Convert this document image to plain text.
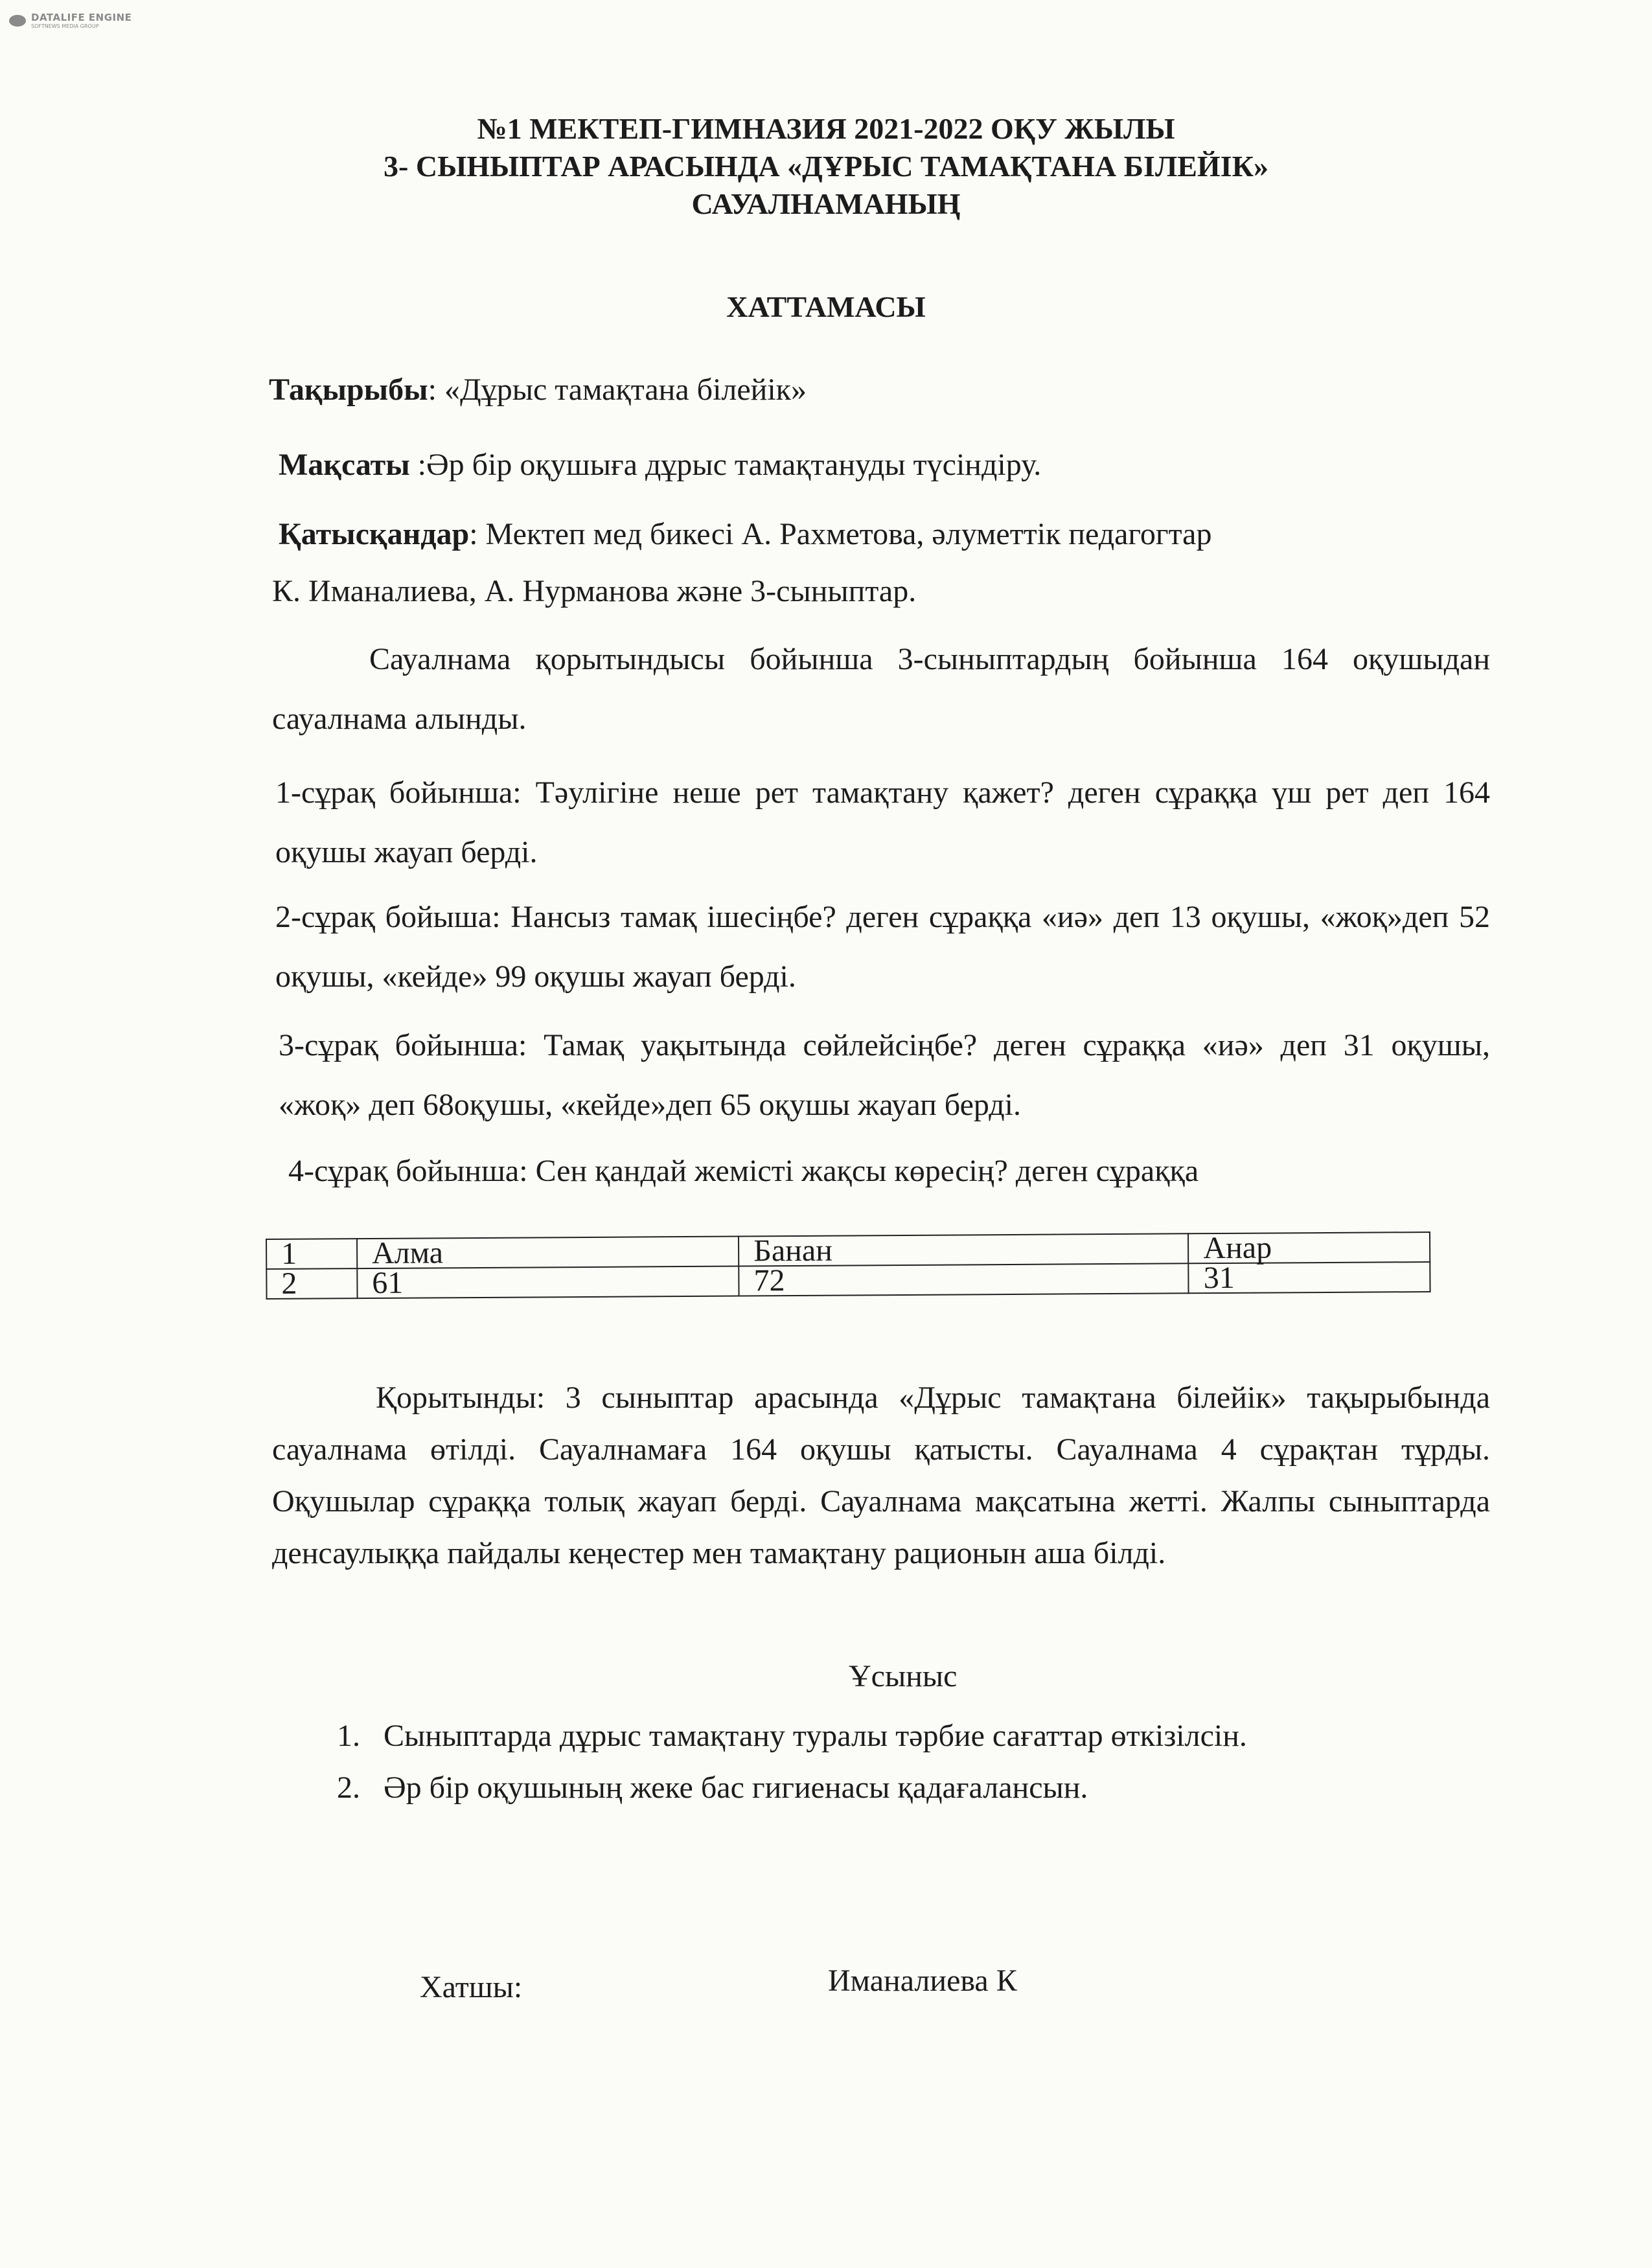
DATALIFE ENGINE
SOFTNEWS MEDIA GROUP
№1 МЕКТЕП-ГИМНАЗИЯ 2021-2022 ОҚУ ЖЫЛЫ
3- СЫНЫПТАР АРАСЫНДА «ДҰРЫС ТАМАҚТАНА БІЛЕЙІК»
САУАЛНАМАНЫҢ
ХАТТАМАСЫ
Тақырыбы: «Дұрыс тамақтана білейік»
Мақсаты :Әр бір оқушыға дұрыс тамақтануды түсіндіру.
Қатысқандар: Мектеп мед бикесі А. Рахметова, әлуметтік педагогтар
К. Иманалиева, А. Нурманова және 3-сыныптар.
Сауалнама қорытындысы бойынша 3-сыныптардың бойынша 164 оқушыдан сауалнама алынды.
1-сұрақ бойынша: Тәулігіне неше рет тамақтану қажет? деген сұраққа үш рет деп 164 оқушы жауап берді.
2-сұрақ бойыша: Нансыз тамақ ішесіңбе? деген сұраққа «иә» деп 13 оқушы, «жоқ»деп 52 оқушы, «кейде» 99 оқушы жауап берді.
3-сұрақ бойынша: Тамақ уақытында сөйлейсіңбе? деген сұраққа «иә» деп 31 оқушы, «жоқ» деп 68оқушы, «кейде»деп 65 оқушы жауап берді.
4-сұрақ бойынша: Сен қандай жемісті жақсы көресің? деген сұраққа
1	Алма	Банан	Анар
2	61	72	31
Қорытынды: 3 сыныптар арасында «Дұрыс тамақтана білейік» тақырыбында сауалнама өтілді. Сауалнамаға 164 оқушы қатысты. Сауалнама 4 сұрақтан тұрды. Оқушылар сұраққа толық жауап берді. Сауалнама мақсатына жетті. Жалпы сыныптарда денсаулыққа пайдалы кеңестер мен тамақтану рационын аша білді.
Ұсыныс
1. Сыныптарда дұрыс тамақтану туралы тәрбие сағаттар өткізілсін.
2. Әр бір оқушының жеке бас гигиенасы қадағалансын.
Хатшы:	Иманалиева К
